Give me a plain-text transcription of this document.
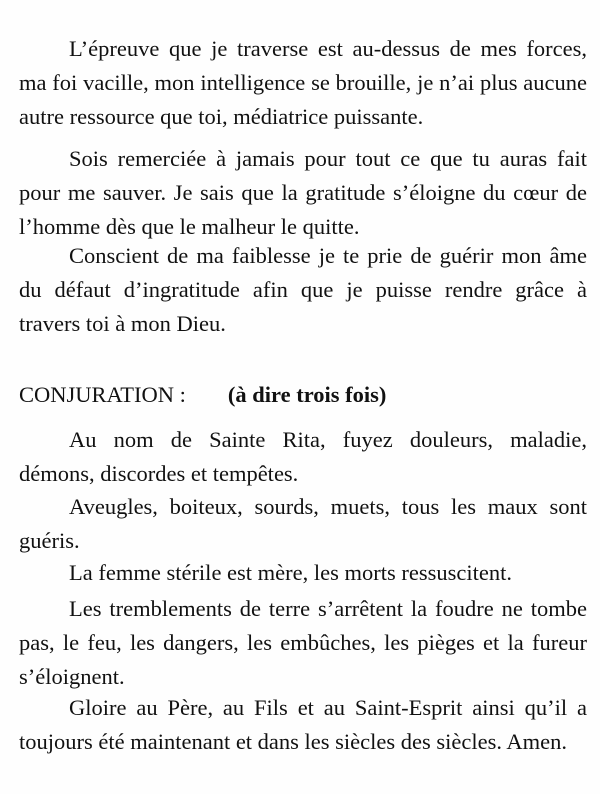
L’épreuve que je traverse est au-dessus de mes forces, ma foi vacille, mon intelligence se brouille, je n’ai plus aucune autre ressource que toi, médiatrice puissante.

Sois remerciée à jamais pour tout ce que tu auras fait pour me sauver. Je sais que la gratitude s’éloigne du cœur de l’homme dès que le malheur le quitte.

Conscient de ma faiblesse je te prie de guérir mon âme du défaut d’ingratitude afin que je puisse rendre grâce à travers toi à mon Dieu.

CONJURATION : (à dire trois fois)

Au nom de Sainte Rita, fuyez douleurs, maladie, démons, discordes et tempêtes.

Aveugles, boiteux, sourds, muets, tous les maux sont guéris.

La femme stérile est mère, les morts ressuscitent.

Les tremblements de terre s’arrêtent la foudre ne tombe pas, le feu, les dangers, les embûches, les pièges et la fureur s’éloignent.

Gloire au Père, au Fils et au Saint-Esprit ainsi qu’il a toujours été maintenant et dans les siècles des siècles. Amen.
